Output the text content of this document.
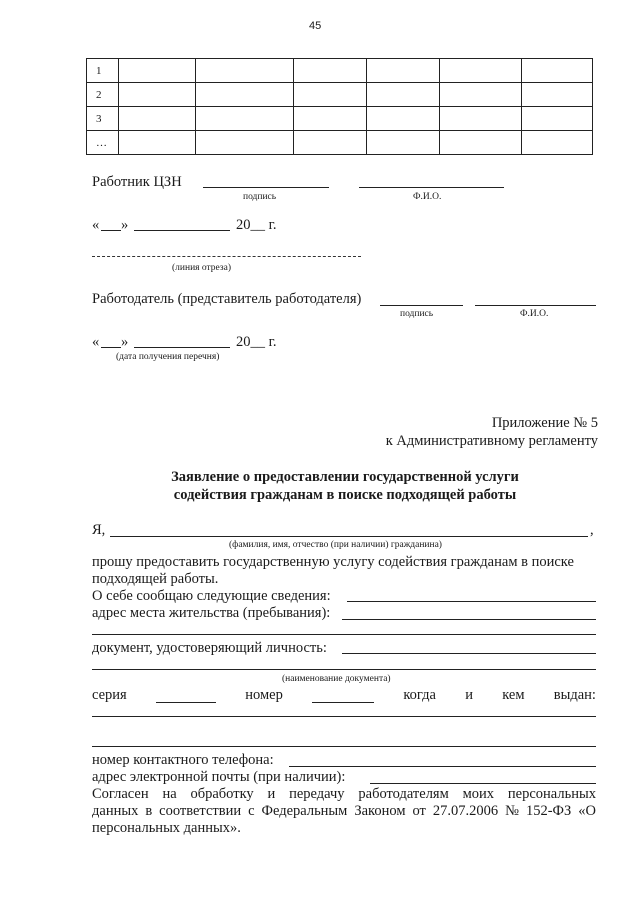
45
1						
2						
3						
…						
Работник ЦЗН
подпись	Ф.И.О.
« »	20__ г.
(линия отреза)
Работодатель (представитель работодателя)
подпись	Ф.И.О.
« »	20__ г.
(дата получения перечня)
Приложение № 5
к Административному регламенту
Заявление о предоставлении государственной услуги
содействия гражданам в поиске подходящей работы
Я,	,
(фамилия, имя, отчество (при наличии) гражданина)
прошу предоставить государственную услугу содействия гражданам в поиске
подходящей работы.
О себе сообщаю следующие сведения:
адрес места жительства (пребывания):
документ, удостоверяющий личность:
(наименование документа)
серия	номер	когда и кем выдан:
номер контактного телефона:
адрес электронной почты (при наличии):
Согласен на обработку и передачу работодателям моих персональных
данных в соответствии с Федеральным Законом от 27.07.2006 № 152-ФЗ «О
персональных данных».
